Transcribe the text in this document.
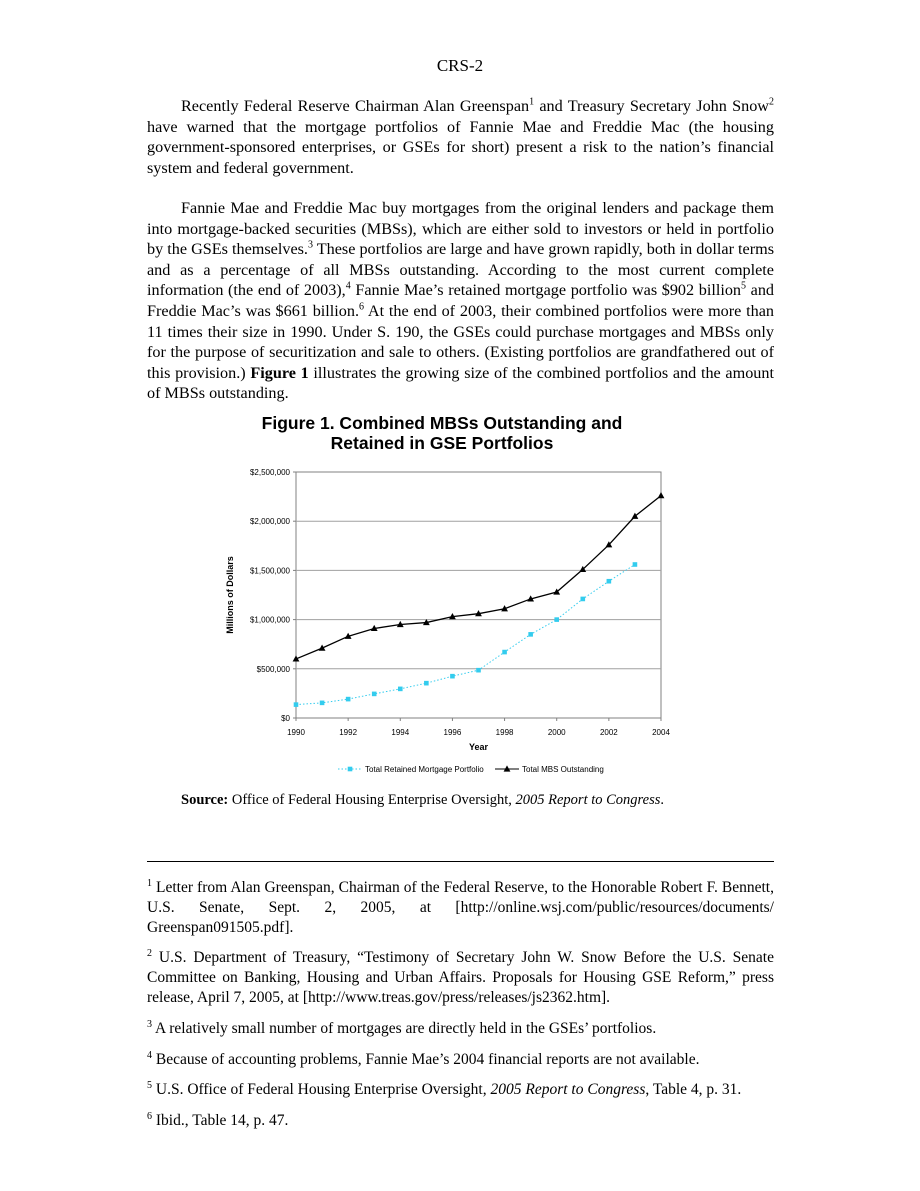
CRS-2

Recently Federal Reserve Chairman Alan Greenspan$^1$ and Treasury Secretary John Snow$^2$ have warned that the mortgage portfolios of Fannie Mae and Freddie Mac (the housing government-sponsored enterprises, or GSEs for short) present a risk to the nation’s financial system and federal government.

Fannie Mae and Freddie Mac buy mortgages from the original lenders and package them into mortgage-backed securities (MBSs), which are either sold to investors or held in portfolio by the GSEs themselves.$^3$ These portfolios are large and have grown rapidly, both in dollar terms and as a percentage of all MBSs outstanding. According to the most current complete information (the end of 2003),$^4$ Fannie Mae’s retained mortgage portfolio was $902 billion$^5$ and Freddie Mac’s was $661 billion.$^6$ At the end of 2003, their combined portfolios were more than 11 times their size in 1990. Under S. 190, the GSEs could purchase mortgages and MBSs only for the purpose of securitization and sale to others. (Existing portfolios are grandfathered out of this provision.) Figure 1 illustrates the growing size of the combined portfolios and the amount of MBSs outstanding.

Figure 1. Combined MBSs Outstanding and
Retained in GSE Portfolios
$0
$500,000
$1,000,000
$1,500,000
$2,000,000
$2,500,000
1990	1992	1994	1996	1998	2000	2002	2004
Year
Millions of Dollars
Total Retained Mortgage Portfolio	Total MBS Outstanding
Source: Office of Federal Housing Enterprise Oversight, 2005 Report to Congress.

$^1$ Letter from Alan Greenspan, Chairman of the Federal Reserve, to the Honorable Robert F. Bennett, U.S. Senate, Sept. 2, 2005, at [http://online.wsj.com/public/resources/documents/ Greenspan091505.pdf].

$^2$ U.S. Department of Treasury, “Testimony of Secretary John W. Snow Before the U.S. Senate Committee on Banking, Housing and Urban Affairs. Proposals for Housing GSE Reform,” press release, April 7, 2005, at [http://www.treas.gov/press/releases/js2362.htm].

$^3$ A relatively small number of mortgages are directly held in the GSEs’ portfolios.

$^4$ Because of accounting problems, Fannie Mae’s 2004 financial reports are not available.

$^5$ U.S. Office of Federal Housing Enterprise Oversight, 2005 Report to Congress, Table 4, p. 31.

$^6$ Ibid., Table 14, p. 47.
